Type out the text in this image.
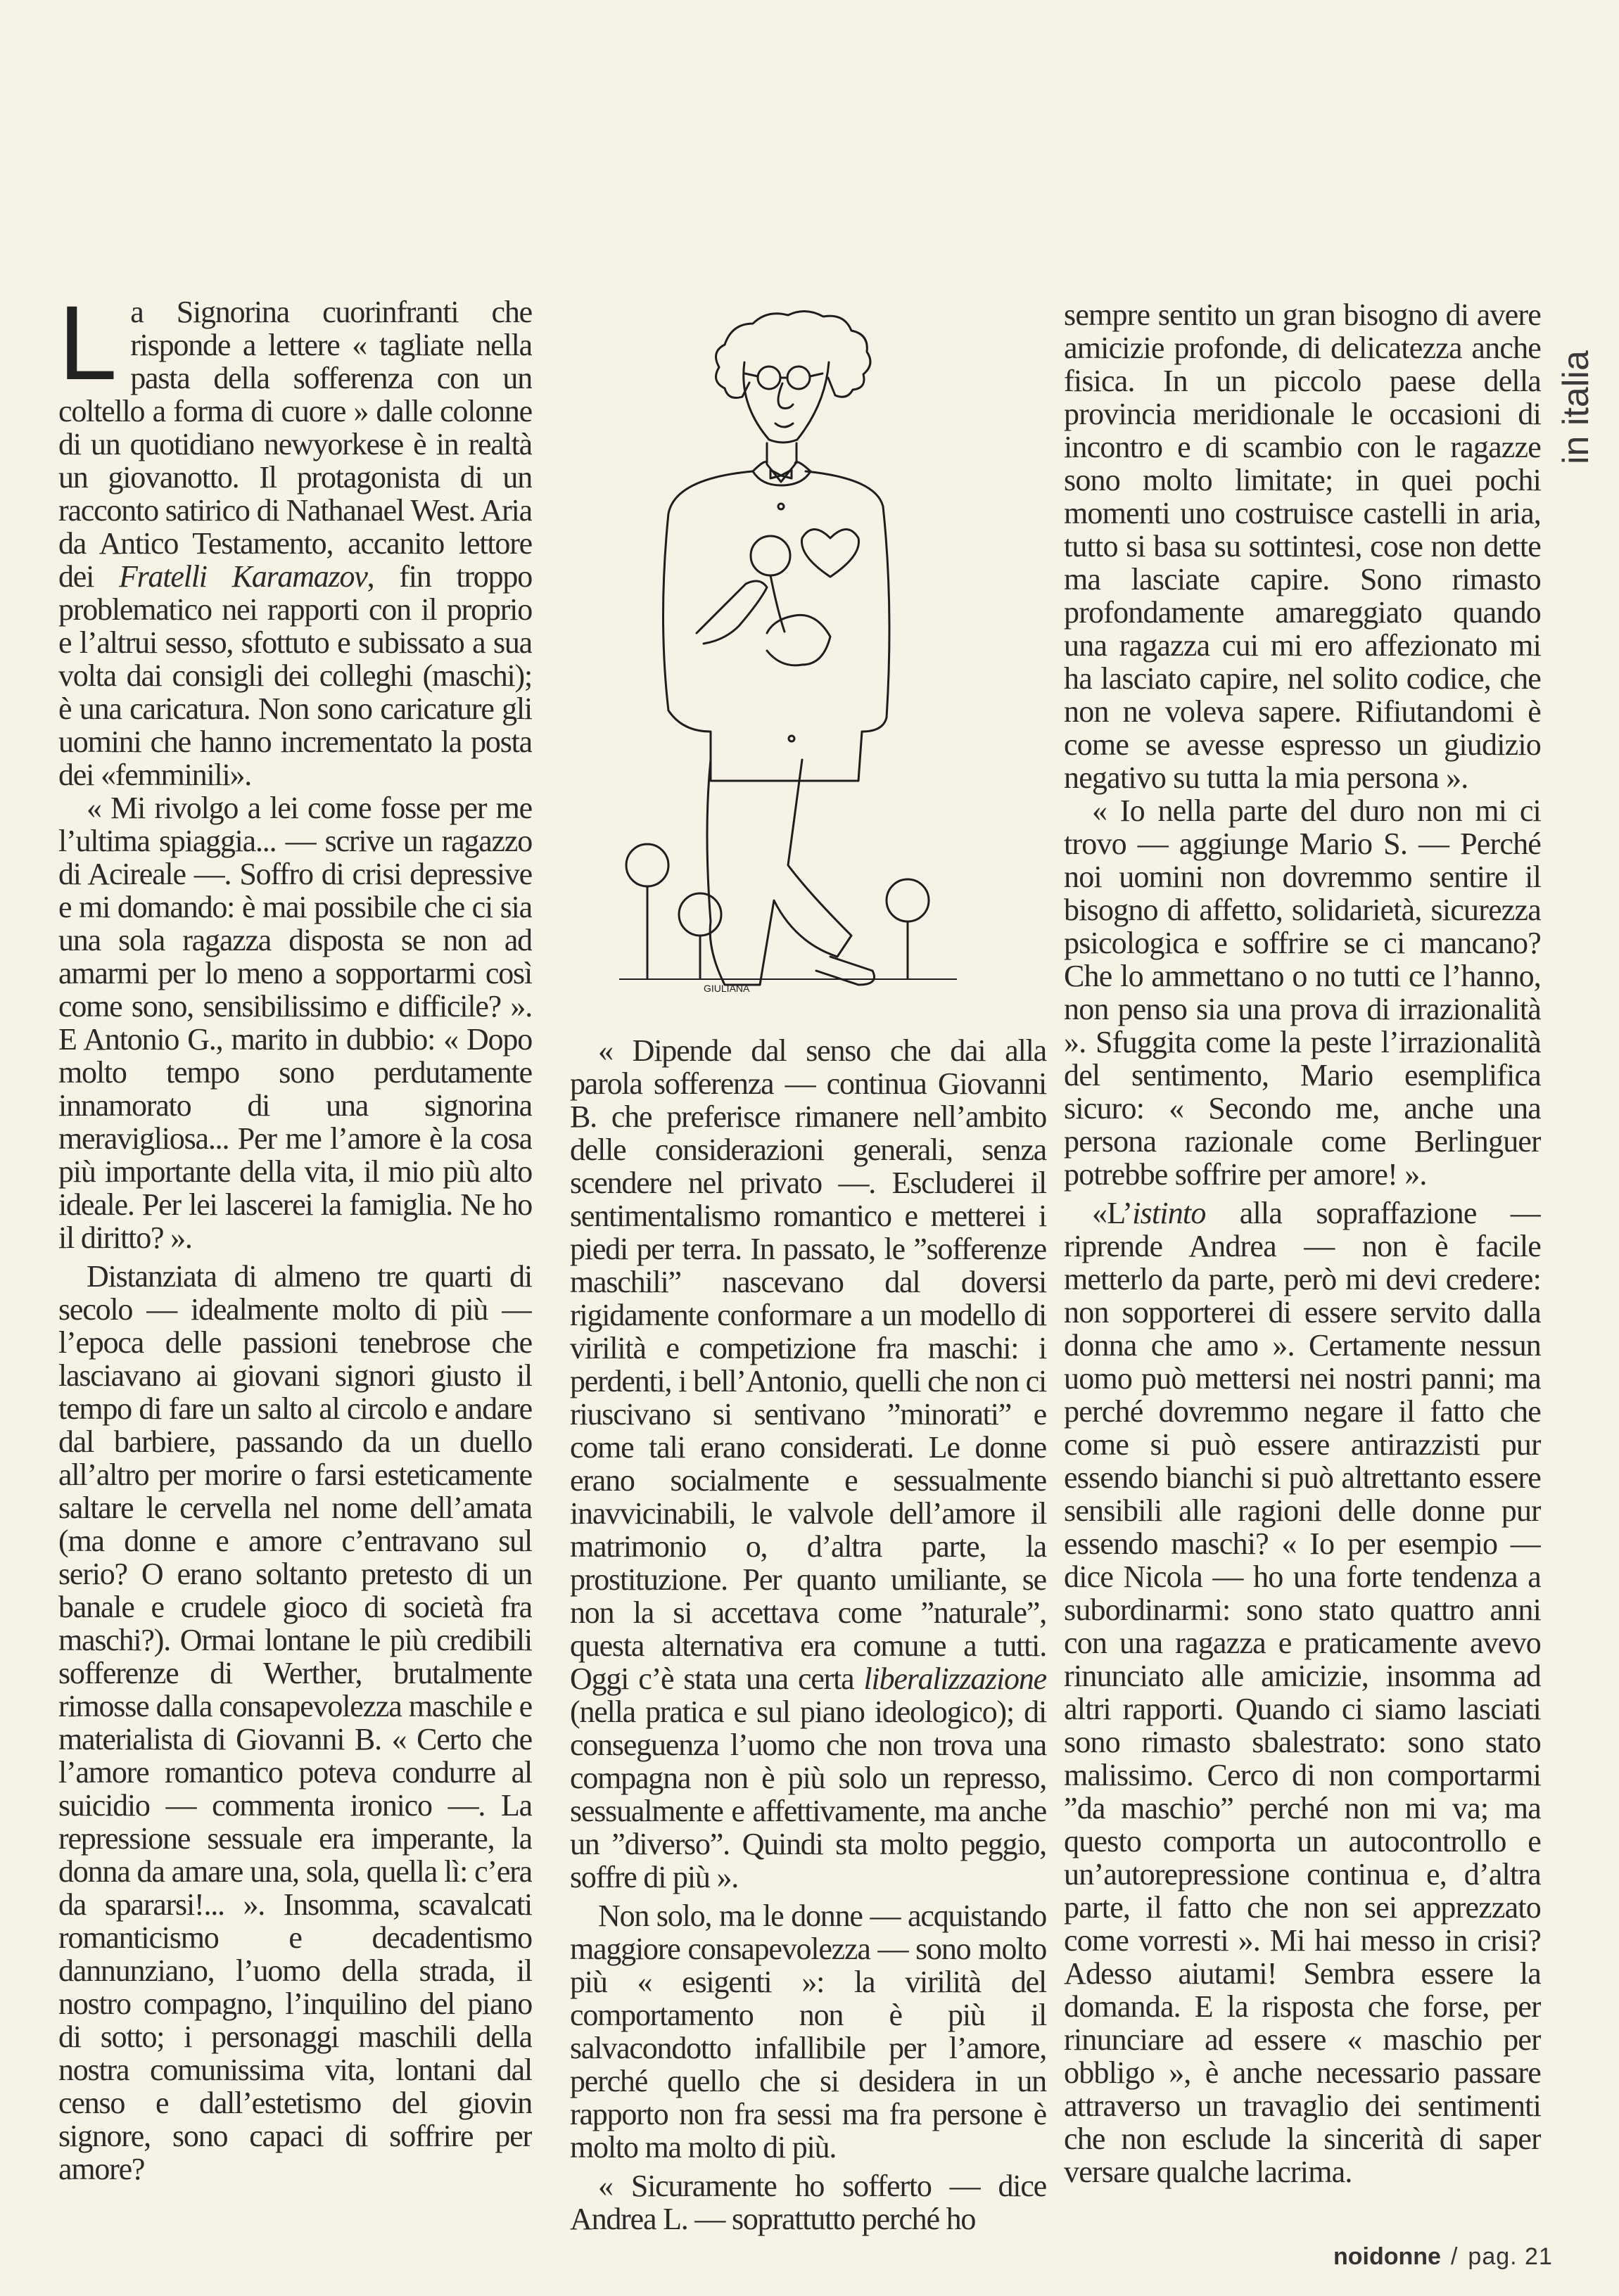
in italia
L a Signorina cuorinfranti che risponde a lettere « tagliate nella pasta della sofferenza con un coltello a forma di cuore » dalle colonne di un quotidiano newyorkese è in realtà un giovanotto. Il protagonista di un racconto satirico di Nathanael West. Aria da Antico Testamento, accanito lettore dei Fratelli Karamazov, fin troppo problematico nei rapporti con il proprio e l’altrui sesso, sfottuto e subissato a sua volta dai consigli dei colleghi (maschi); è una caricatura. Non sono caricature gli uomini che hanno incrementato la posta dei «femminili».

« Mi rivolgo a lei come fosse per me l’ultima spiaggia... — scrive un ragazzo di Acireale —. Soffro di crisi depressive e mi domando: è mai possibile che ci sia una sola ragazza disposta se non ad amarmi per lo meno a sopportarmi così come sono, sensibilissimo e difficile? ». E Antonio G., marito in dubbio: « Dopo molto tempo sono perdutamente innamorato di una signorina meravigliosa... Per me l’amore è la cosa più importante della vita, il mio più alto ideale. Per lei lascerei la famiglia. Ne ho il diritto? ».

Distanziata di almeno tre quarti di secolo — idealmente molto di più — l’epoca delle passioni tenebrose che lasciavano ai giovani signori giusto il tempo di fare un salto al circolo e andare dal barbiere, passando da un duello all’altro per morire o farsi esteticamente saltare le cervella nel nome dell’amata (ma donne e amore c’entravano sul serio? O erano soltanto pretesto di un banale e crudele gioco di società fra maschi?). Ormai lontane le più credibili sofferenze di Werther, brutalmente rimosse dalla consapevolezza maschile e materialista di Giovanni B. « Certo che l’amore romantico poteva condurre al suicidio — commenta ironico —. La repressione sessuale era imperante, la donna da amare una, sola, quella lì: c’era da spararsi!... ». Insomma, scavalcati romanticismo e decadentismo dannunziano, l’uomo della strada, il nostro compagno, l’inquilino del piano di sotto; i personaggi maschili della nostra comunissima vita, lontani dal censo e dall’estetismo del giovin signore, sono capaci di soffrire per amore?

GIULIANA

« Dipende dal senso che dai alla parola sofferenza — continua Giovanni B. che preferisce rimanere nell’ambito delle considerazioni generali, senza scendere nel privato —. Escluderei il sentimentalismo romantico e metterei i piedi per terra. In passato, le ”sofferenze maschili” nascevano dal doversi rigidamente conformare a un modello di virilità e competizione fra maschi: i perdenti, i bell’Antonio, quelli che non ci riuscivano si sentivano ”minorati” e come tali erano considerati. Le donne erano socialmente e sessualmente inavvicinabili, le valvole dell’amore il matrimonio o, d’altra parte, la prostituzione. Per quanto umiliante, se non la si accettava come ”naturale”, questa alternativa era comune a tutti. Oggi c’è stata una certa liberalizzazione (nella pratica e sul piano ideologico); di conseguenza l’uomo che non trova una compagna non è più solo un represso, sessualmente e affettivamente, ma anche un ”diverso”. Quindi sta molto peggio, soffre di più ».

Non solo, ma le donne — acquistando maggiore consapevolezza — sono molto più « esigenti »: la virilità del comportamento non è più il salvacondotto infallibile per l’amore, perché quello che si desidera in un rapporto non fra sessi ma fra persone è molto ma molto di più.

« Sicuramente ho sofferto — dice Andrea L. — soprattutto perché ho

sempre sentito un gran bisogno di avere amicizie profonde, di delicatezza anche fisica. In un piccolo paese della provincia meridionale le occasioni di incontro e di scambio con le ragazze sono molto limitate; in quei pochi momenti uno costruisce castelli in aria, tutto si basa su sottintesi, cose non dette ma lasciate capire. Sono rimasto profondamente amareggiato quando una ragazza cui mi ero affezionato mi ha lasciato capire, nel solito codice, che non ne voleva sapere. Rifiutandomi è come se avesse espresso un giudizio negativo su tutta la mia persona ».

« Io nella parte del duro non mi ci trovo — aggiunge Mario S. — Perché noi uomini non dovremmo sentire il bisogno di affetto, solidarietà, sicurezza psicologica e soffrire se ci mancano? Che lo ammettano o no tutti ce l’hanno, non penso sia una prova di irrazionalità ». Sfuggita come la peste l’irrazionalità del sentimento, Mario esemplifica sicuro: « Secondo me, anche una persona razionale come Berlinguer potrebbe soffrire per amore! ».

«L’istinto alla sopraffazione — riprende Andrea — non è facile metterlo da parte, però mi devi credere: non sopporterei di essere servito dalla donna che amo ». Certamente nessun uomo può mettersi nei nostri panni; ma perché dovremmo negare il fatto che come si può essere antirazzisti pur essendo bianchi si può altrettanto essere sensibili alle ragioni delle donne pur essendo maschi? « Io per esempio — dice Nicola — ho una forte tendenza a subordinarmi: sono stato quattro anni con una ragazza e praticamente avevo rinunciato alle amicizie, insomma ad altri rapporti. Quando ci siamo lasciati sono rimasto sbalestrato: sono stato malissimo. Cerco di non comportarmi ”da maschio” perché non mi va; ma questo comporta un autocontrollo e un’autorepressione continua e, d’altra parte, il fatto che non sei apprezzato come vorresti ». Mi hai messo in crisi? Adesso aiutami! Sembra essere la domanda. E la risposta che forse, per rinunciare ad essere « maschio per obbligo », è anche necessario passare attraverso un travaglio dei sentimenti che non esclude la sincerità di saper versare qualche lacrima.

noidonne / pag. 21
